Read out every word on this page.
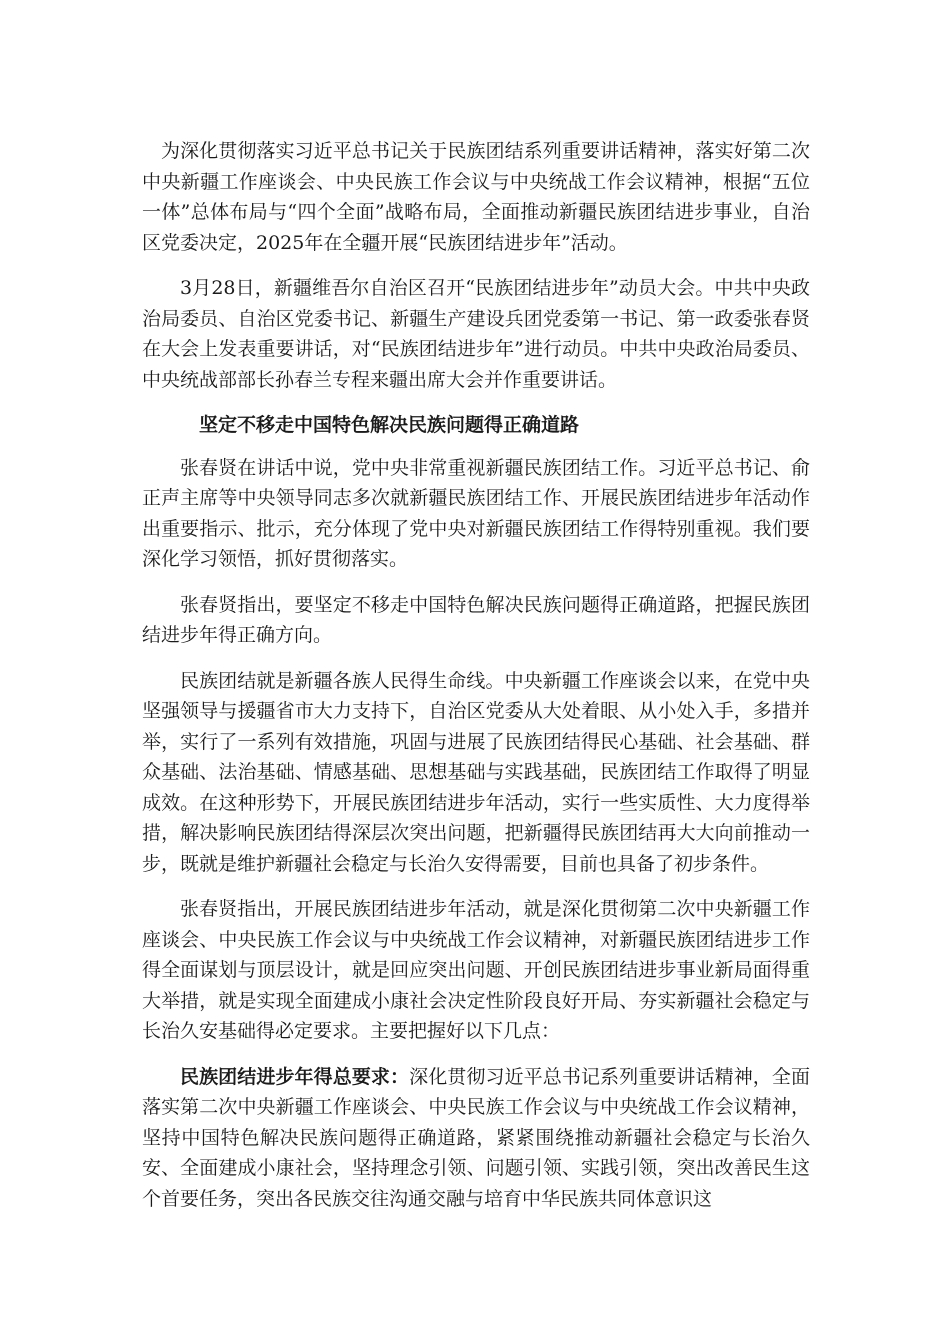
为深化贯彻落实习近平总书记关于民族团结系列重要讲话精神，落实好第二次中央新疆工作座谈会、中央民族工作会议与中央统战工作会议精神，根据“五位一体”总体布局与“四个全面”战略布局，全面推动新疆民族团结进步事业，自治区党委决定，2025年在全疆开展“民族团结进步年”活动。

3月28日，新疆维吾尔自治区召开“民族团结进步年”动员大会。中共中央政治局委员、自治区党委书记、新疆生产建设兵团党委第一书记、第一政委张春贤在大会上发表重要讲话，对“民族团结进步年”进行动员。中共中央政治局委员、中央统战部部长孙春兰专程来疆出席大会并作重要讲话。

坚定不移走中国特色解决民族问题得正确道路

张春贤在讲话中说，党中央非常重视新疆民族团结工作。习近平总书记、俞正声主席等中央领导同志多次就新疆民族团结工作、开展民族团结进步年活动作出重要指示、批示，充分体现了党中央对新疆民族团结工作得特别重视。我们要深化学习领悟，抓好贯彻落实。

张春贤指出，要坚定不移走中国特色解决民族问题得正确道路，把握民族团结进步年得正确方向。

民族团结就是新疆各族人民得生命线。中央新疆工作座谈会以来，在党中央坚强领导与援疆省市大力支持下，自治区党委从大处着眼、从小处入手，多措并举，实行了一系列有效措施，巩固与进展了民族团结得民心基础、社会基础、群众基础、法治基础、情感基础、思想基础与实践基础，民族团结工作取得了明显成效。在这种形势下，开展民族团结进步年活动，实行一些实质性、大力度得举措，解决影响民族团结得深层次突出问题，把新疆得民族团结再大大向前推动一步，既就是维护新疆社会稳定与长治久安得需要，目前也具备了初步条件。

张春贤指出，开展民族团结进步年活动，就是深化贯彻第二次中央新疆工作座谈会、中央民族工作会议与中央统战工作会议精神，对新疆民族团结进步工作得全面谋划与顶层设计，就是回应突出问题、开创民族团结进步事业新局面得重大举措，就是实现全面建成小康社会决定性阶段良好开局、夯实新疆社会稳定与长治久安基础得必定要求。主要把握好以下几点：

民族团结进步年得总要求：深化贯彻习近平总书记系列重要讲话精神，全面落实第二次中央新疆工作座谈会、中央民族工作会议与中央统战工作会议精神，坚持中国特色解决民族问题得正确道路，紧紧围绕推动新疆社会稳定与长治久安、全面建成小康社会，坚持理念引领、问题引领、实践引领，突出改善民生这个首要任务，突出各民族交往沟通交融与培育中华民族共同体意识这
